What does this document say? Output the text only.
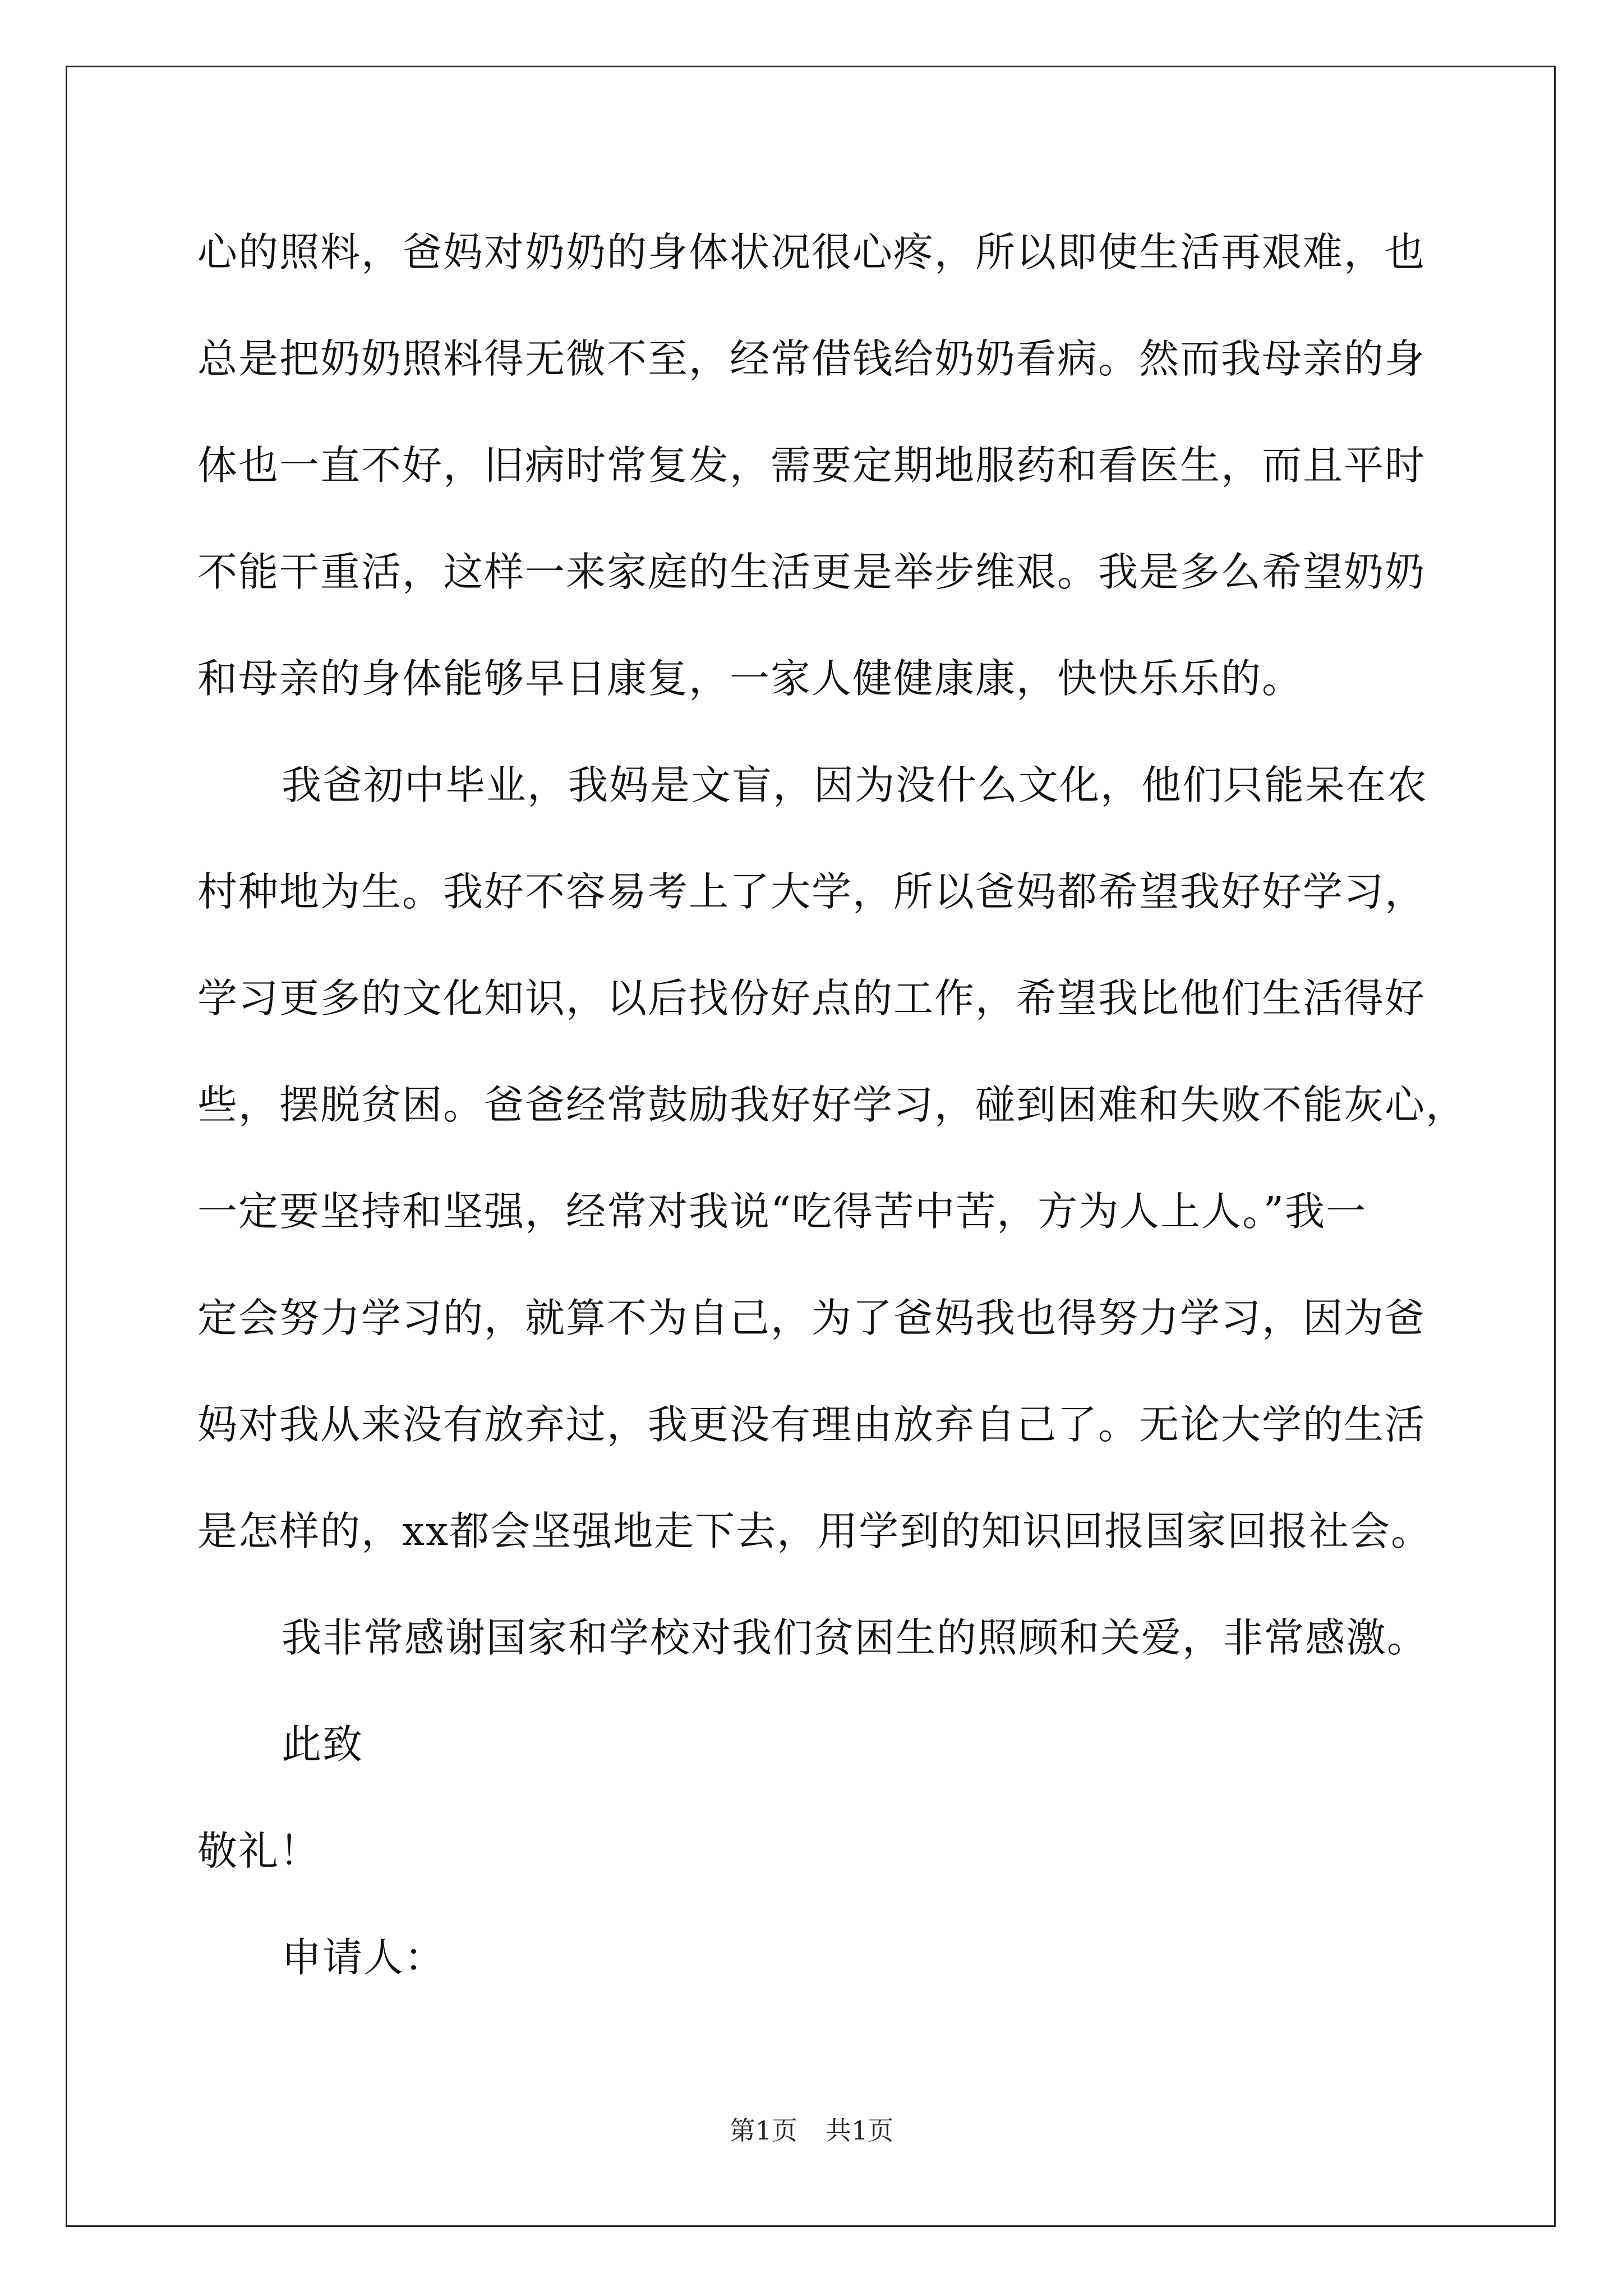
心的照料，爸妈对奶奶的身体状况很心疼，所以即使生活再艰难，也
总是把奶奶照料得无微不至，经常借钱给奶奶看病。然而我母亲的身
体也一直不好，旧病时常复发，需要定期地服药和看医生，而且平时
不能干重活，这样一来家庭的生活更是举步维艰。我是多么希望奶奶
和母亲的身体能够早日康复，一家人健健康康，快快乐乐的。
我爸初中毕业，我妈是文盲，因为没什么文化，他们只能呆在农
村种地为生。我好不容易考上了大学，所以爸妈都希望我好好学习，
学习更多的文化知识，以后找份好点的工作，希望我比他们生活得好
些，摆脱贫困。爸爸经常鼓励我好好学习，碰到困难和失败不能灰心，
一定要坚持和坚强，经常对我说“吃得苦中苦，方为人上人。”我一
定会努力学习的，就算不为自己，为了爸妈我也得努力学习，因为爸
妈对我从来没有放弃过，我更没有理由放弃自己了。无论大学的生活
是怎样的，xx都会坚强地走下去，用学到的知识回报国家回报社会。
我非常感谢国家和学校对我们贫困生的照顾和关爱，非常感激。
此致
敬礼！
申请人：
第1页 共1页
